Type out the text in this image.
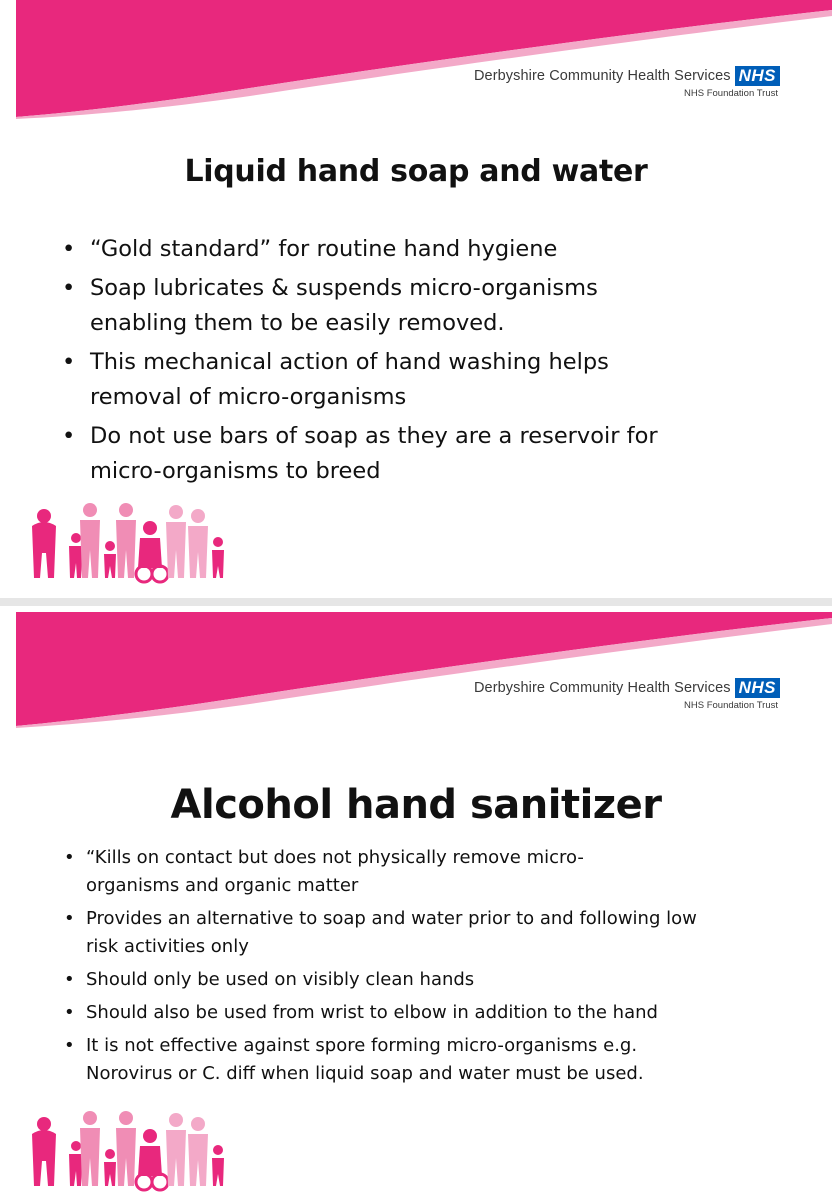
Derbyshire Community Health Services NHS
NHS Foundation Trust
Liquid hand soap and water
• “Gold standard” for routine hand hygiene
• Soap lubricates & suspends micro-organisms enabling them to be easily removed.
• This mechanical action of hand washing helps removal of micro-organisms
• Do not use bars of soap as they are a reservoir for micro-organisms to breed
Derbyshire Community Health Services NHS
NHS Foundation Trust
Alcohol hand sanitizer
• “Kills on contact but does not physically remove micro-organisms and organic matter
• Provides an alternative to soap and water prior to and following low risk activities only
• Should only be used on visibly clean hands
• Should also be used from wrist to elbow in addition to the hand
• It is not effective against spore forming micro-organisms e.g. Norovirus or C. diff when liquid soap and water must be used.
